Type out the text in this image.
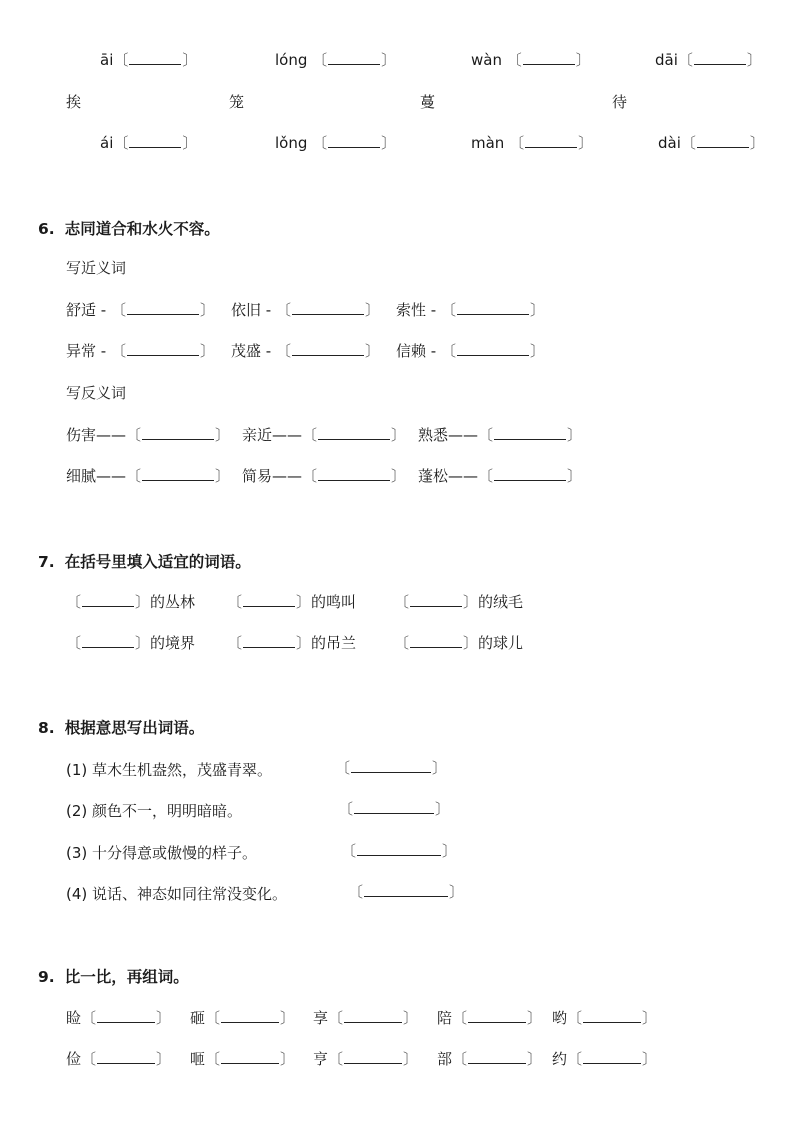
āi〔	〕	lóng 〔	〕	wàn 〔	〕	dāi〔	〕
挨	笼	蔓	待
ái〔	〕	lǒng 〔	〕	màn 〔	〕	dài〔	〕
6. 志同道合和水火不容。
写近义词
舒适 - 〔	〕 依旧 - 〔	〕 索性 - 〔	〕
异常 - 〔	〕 茂盛 - 〔	〕 信赖 - 〔	〕
写反义词
伤害——〔	〕 亲近——〔	〕 熟悉——〔	〕
细腻——〔	〕 简易——〔	〕 蓬松——〔	〕
7. 在括号里填入适宜的词语。
〔	〕的丛林 〔	〕的鸣叫	〔	〕的绒毛
〔	〕的境界 〔	〕的吊兰	〔	〕的球儿
8. 根据意思写出词语。
(1) 草木生机盎然，茂盛青翠。	〔	〕
(2) 颜色不一，明明暗暗。	〔	〕
(3) 十分得意或傲慢的样子。	〔	〕
(4) 说话、神态如同往常没变化。	〔	〕
9. 比一比，再组词。
睑〔	〕 砸〔	〕 享〔	〕 陪〔	〕 哟〔	〕
俭〔	〕 咂〔	〕 亨〔	〕 部〔	〕 约〔	〕
